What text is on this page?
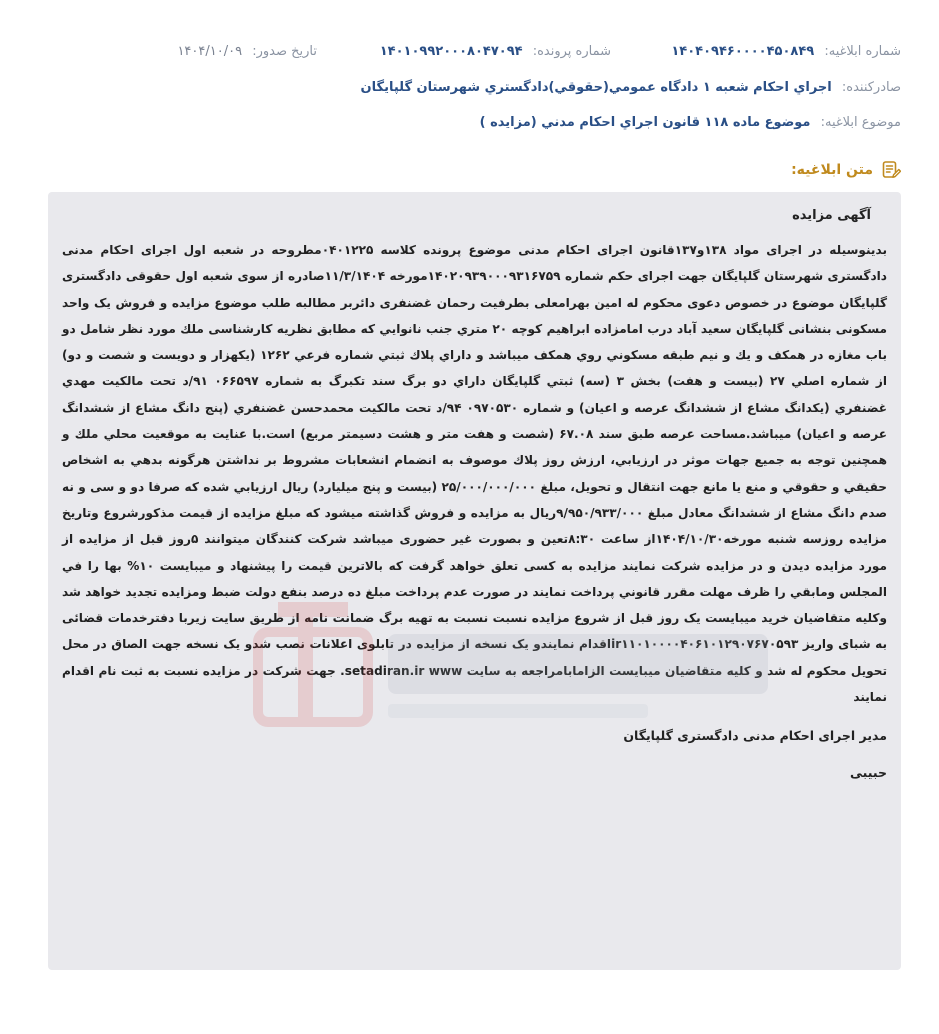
شماره ابلاغیه: ۱۴۰۴۰۹۴۶۰۰۰۰۴۵۰۸۴۹
شماره پرونده: ۱۴۰۱۰۹۹۲۰۰۰۸۰۴۷۰۹۴
تاریخ صدور: ۱۴۰۴/۱۰/۰۹
صادرکننده: اجراي احکام شعبه ۱ دادگاه عمومي(حقوقي)دادگستري شهرستان گلپايگان
موضوع ابلاغیه: موضوع ماده ۱۱۸ قانون اجراي احکام مدني (مزايده )
متن ابلاغیه:
آگهی مزایده
بدینوسیله در اجرای مواد ۱۳۸و۱۳۷قانون اجرای احکام مدنی موضوع پرونده کلاسه ۰۴۰۱۲۲۵مطروحه در شعبه اول اجرای احکام مدنی دادگستری شهرستان گلپایگان جهت اجرای حکم شماره ۱۴۰۲۰۹۳۹۰۰۰۹۳۱۶۷۵۹مورخه ۱۱/۳/۱۴۰۴صادره از سوی شعبه اول حقوقی دادگستری گلپایگان موضوع در خصوص دعوی محکوم له امین بهرامعلی بطرفیت رحمان غضنفری دائربر مطالبه طلب موضوع مزایده و فروش یک واحد مسکونی بنشانی گلپایگان سعید آباد درب امامزاده ابراهیم کوچه ۲۰ متري جنب نانوایي که مطابق نظریه کارشناسی ملك مورد نظر شامل دو باب مغازه در همکف و یك و نیم طبقه مسکوني روي همکف میباشد و داراي پلاك ثبتي شماره فرعي ۱۲۶۲ (یکهزار و دویست و شصت و دو) از شماره اصلي ۲۷ (بیست و هفت) بخش ۳ (سه) ثبتي گلپایگان داراي دو برگ سند تکبرگ به شماره ۰۶۶۵۹۷ ۹۱/د تحت مالکیت مهدي غضنفري (یکدانگ مشاع از ششدانگ عرصه و اعیان) و شماره ۰۹۷۰۵۳۰ ۹۴/د تحت مالکیت محمدحسن غضنفري (پنج دانگ مشاع از ششدانگ عرصه و اعیان) میباشد.مساحت عرصه طبق سند ۶۷.۰۸ (شصت و هفت متر و هشت دسیمتر مربع) است.با عنایت به موقعیت محلي ملك و همچنین توجه به جمیع جهات موثر در ارزیابي، ارزش روز پلاك موصوف به انضمام انشعابات مشروط بر نداشتن هرگونه بدهي به اشخاص حقیقي و حقوقي و منع یا مانع جهت انتقال و تحویل، مبلغ ۲۵/۰۰۰/۰۰۰/۰۰۰ (بیست و پنج میلیارد) ریال ارزیابي شده که صرفا دو و سی و نه صدم دانگ مشاع از ششدانگ معادل مبلغ ۹/۹۵۰/۹۳۳/۰۰۰ریال به مزایده و فروش گذاشته میشود که مبلغ مزایده از قیمت مذکورشروع وتاریخ مزایده روزسه شنبه مورخه۱۴۰۴/۱۰/۳۰از ساعت ۸:۳۰تعین و بصورت غیر حضوری میباشد شرکت کنندگان میتوانند ۵روز قبل از مزایده از مورد مزایده دیدن و در مزایده شرکت نمایند مزایده به کسی تعلق خواهد گرفت که بالاترین قیمت را پیشنهاد و میبایست ۱۰% بها را في المجلس ومابقي را ظرف مهلت مقرر قانوني پرداخت نمایند در صورت عدم پرداخت مبلغ ده درصد بنفع دولت ضبط ومزایده تجدید خواهد شد وکلیه متقاضیان خرید میبایست یک روز قبل از شروع مزایده نسبت نسبت به تهیه برگ ضمانت نامه از طریق سایت زیربا دفترخدمات قضائی به شبای واریز ir۱۱۰۱۰۰۰۰۴۰۶۱۰۱۲۹۰۷۶۷۰۵۹۳اقدام نمایندو یک نسخه از مزایده در تابلوی اعلانات نصب شدو یک نسخه جهت الصاق در محل تحویل محکوم له شد و کلیه متقاضیان میبایست الزامابامراجعه به سایت setadiran.ir www. جهت شرکت در مزایده نسبت به ثبت نام اقدام نمایند
مدیر اجرای احکام مدنی دادگستری گلپایگان
حبیبی
